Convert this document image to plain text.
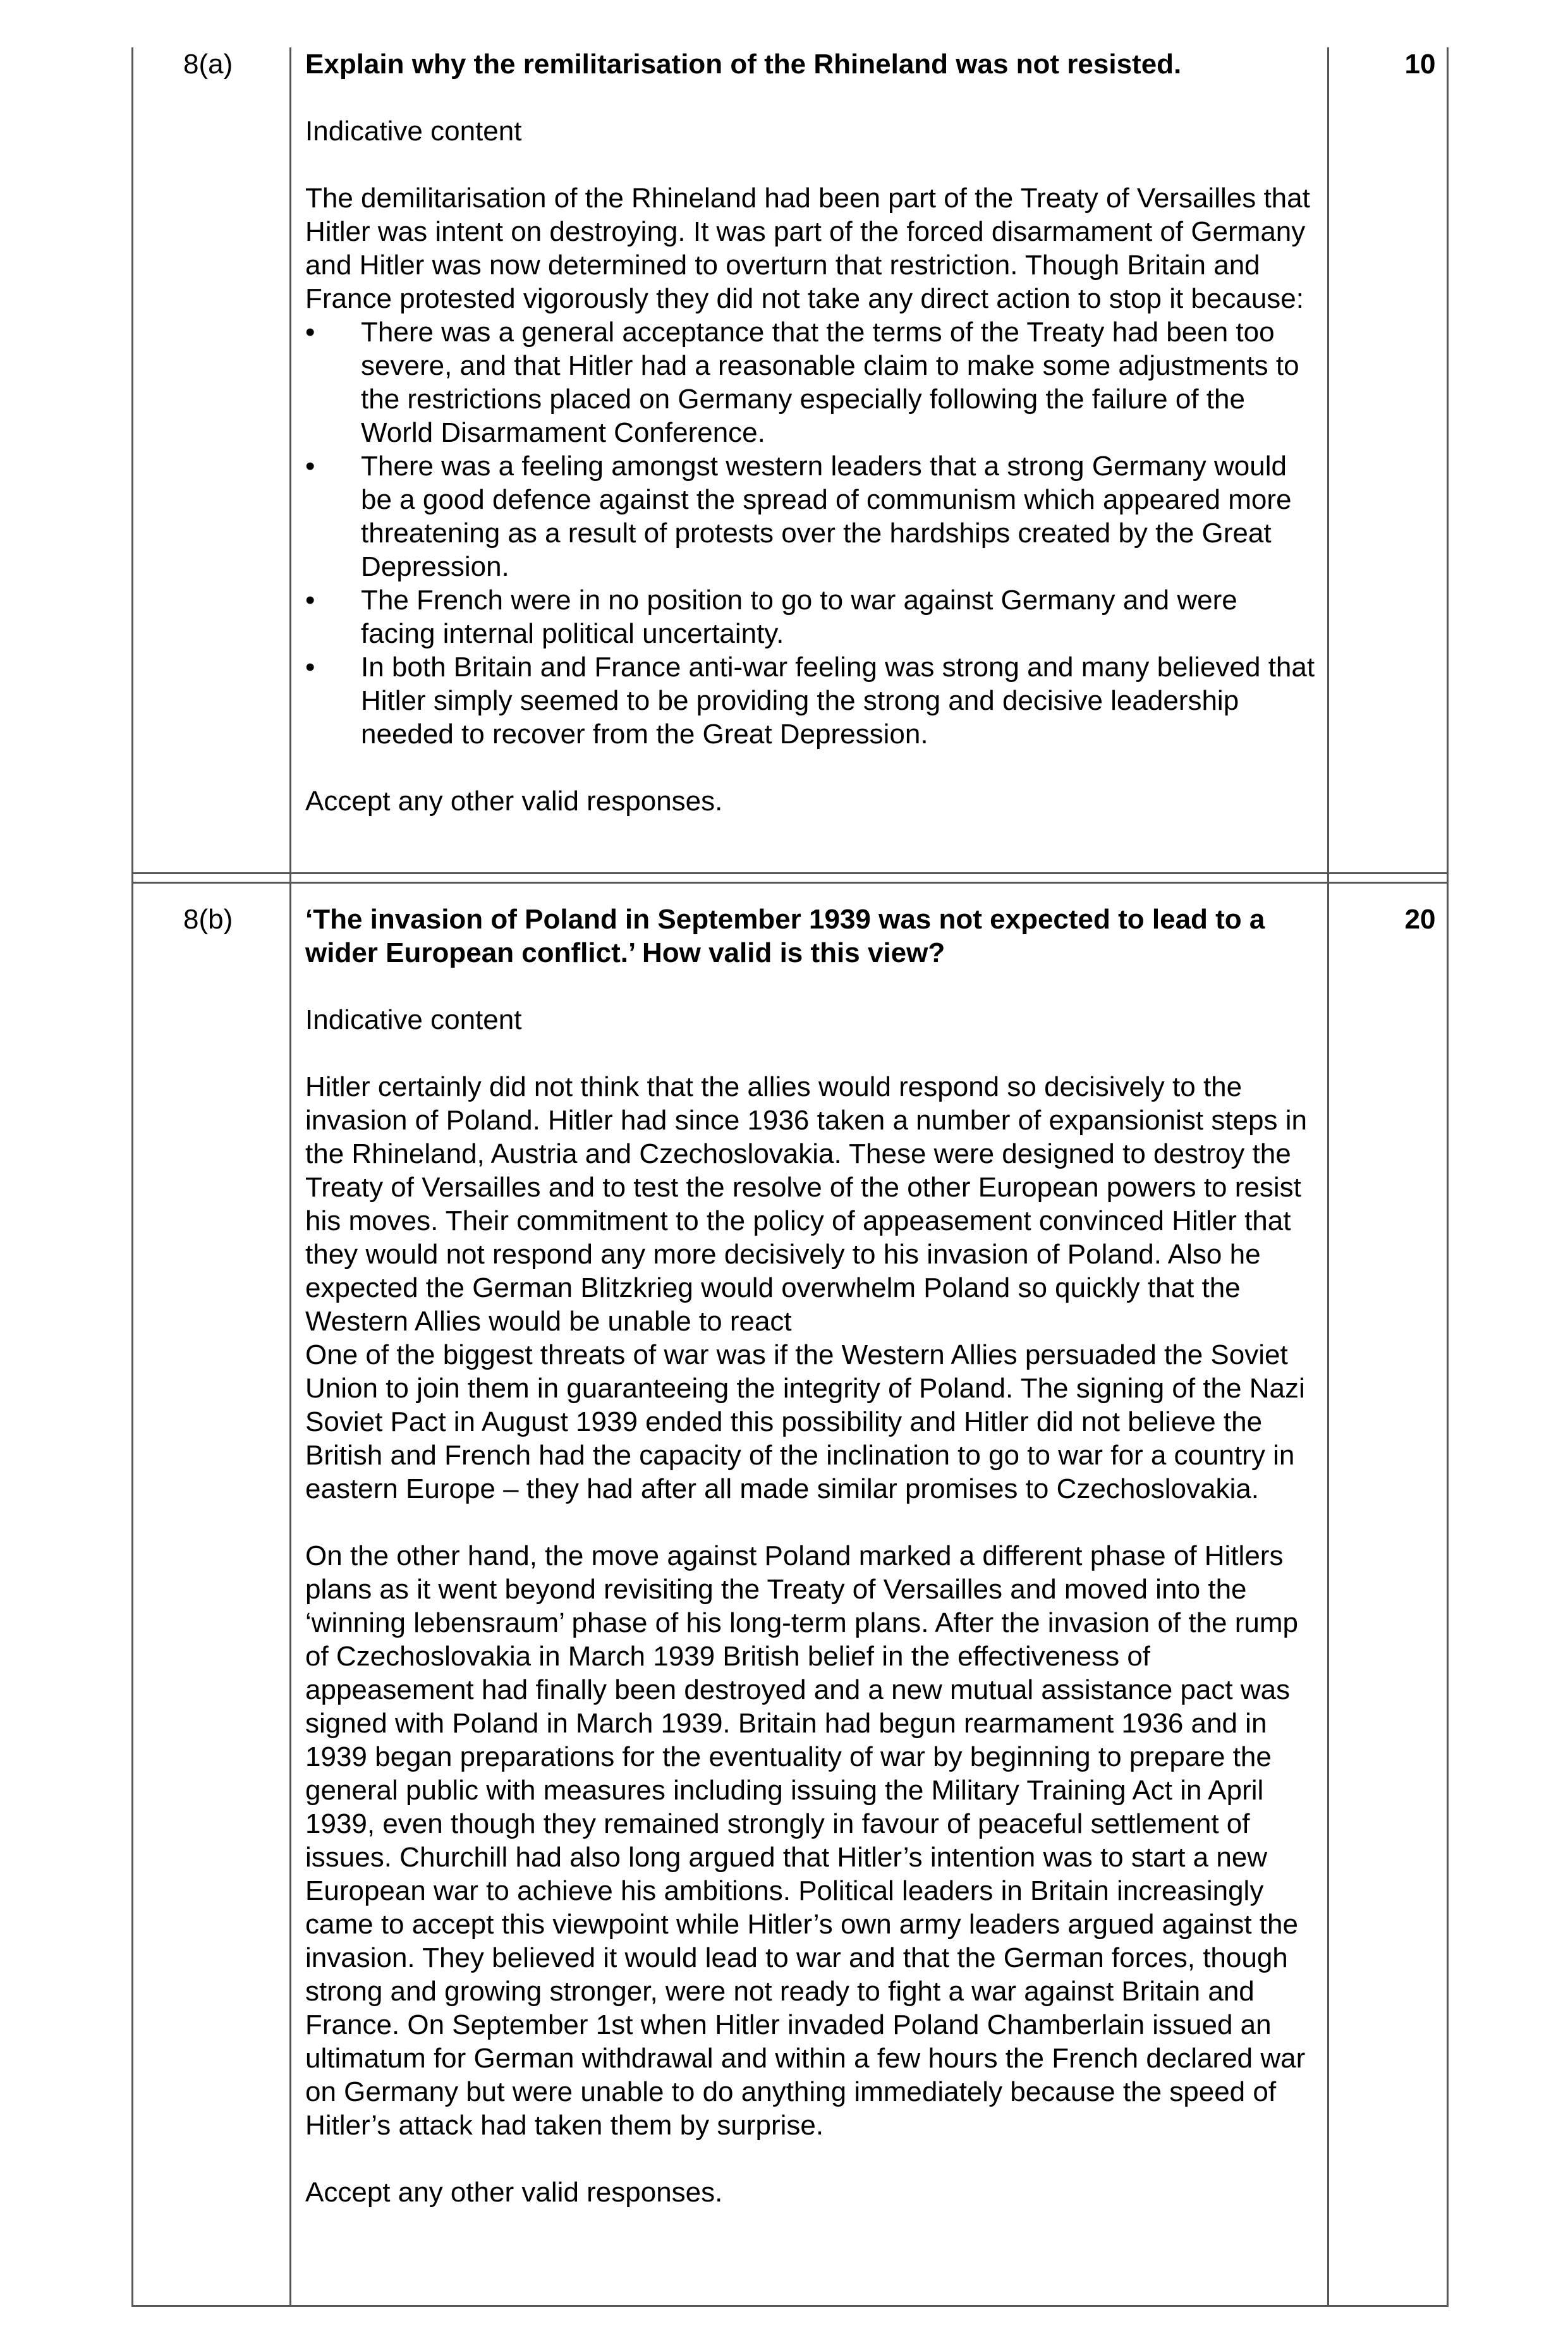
8(a)	10

Explain why the remilitarisation of the Rhineland was not resisted.

Indicative content

The demilitarisation of the Rhineland had been part of the Treaty of Versailles that Hitler was intent on destroying. It was part of the forced disarmament of Germany and Hitler was now determined to overturn that restriction. Though Britain and France protested vigorously they did not take any direct action to stop it because:

• There was a general acceptance that the terms of the Treaty had been too severe, and that Hitler had a reasonable claim to make some adjustments to the restrictions placed on Germany especially following the failure of the World Disarmament Conference.
• There was a feeling amongst western leaders that a strong Germany would be a good defence against the spread of communism which appeared more threatening as a result of protests over the hardships created by the Great Depression.
• The French were in no position to go to war against Germany and were facing internal political uncertainty.
• In both Britain and France anti-war feeling was strong and many believed that Hitler simply seemed to be providing the strong and decisive leadership needed to recover from the Great Depression.

Accept any other valid responses.

8(b)	20

‘The invasion of Poland in September 1939 was not expected to lead to a wider European conflict.’ How valid is this view?

Indicative content

Hitler certainly did not think that the allies would respond so decisively to the invasion of Poland. Hitler had since 1936 taken a number of expansionist steps in the Rhineland, Austria and Czechoslovakia. These were designed to destroy the Treaty of Versailles and to test the resolve of the other European powers to resist his moves. Their commitment to the policy of appeasement convinced Hitler that they would not respond any more decisively to his invasion of Poland. Also he expected the German Blitzkrieg would overwhelm Poland so quickly that the Western Allies would be unable to react

One of the biggest threats of war was if the Western Allies persuaded the Soviet Union to join them in guaranteeing the integrity of Poland. The signing of the Nazi Soviet Pact in August 1939 ended this possibility and Hitler did not believe the British and French had the capacity of the inclination to go to war for a country in eastern Europe – they had after all made similar promises to Czechoslovakia.

On the other hand, the move against Poland marked a different phase of Hitlers plans as it went beyond revisiting the Treaty of Versailles and moved into the ‘winning lebensraum’ phase of his long-term plans. After the invasion of the rump of Czechoslovakia in March 1939 British belief in the effectiveness of appeasement had finally been destroyed and a new mutual assistance pact was signed with Poland in March 1939. Britain had begun rearmament 1936 and in 1939 began preparations for the eventuality of war by beginning to prepare the general public with measures including issuing the Military Training Act in April 1939, even though they remained strongly in favour of peaceful settlement of issues. Churchill had also long argued that Hitler’s intention was to start a new European war to achieve his ambitions. Political leaders in Britain increasingly came to accept this viewpoint while Hitler’s own army leaders argued against the invasion. They believed it would lead to war and that the German forces, though strong and growing stronger, were not ready to fight a war against Britain and France. On September 1st when Hitler invaded Poland Chamberlain issued an ultimatum for German withdrawal and within a few hours the French declared war on Germany but were unable to do anything immediately because the speed of Hitler’s attack had taken them by surprise.

Accept any other valid responses.
